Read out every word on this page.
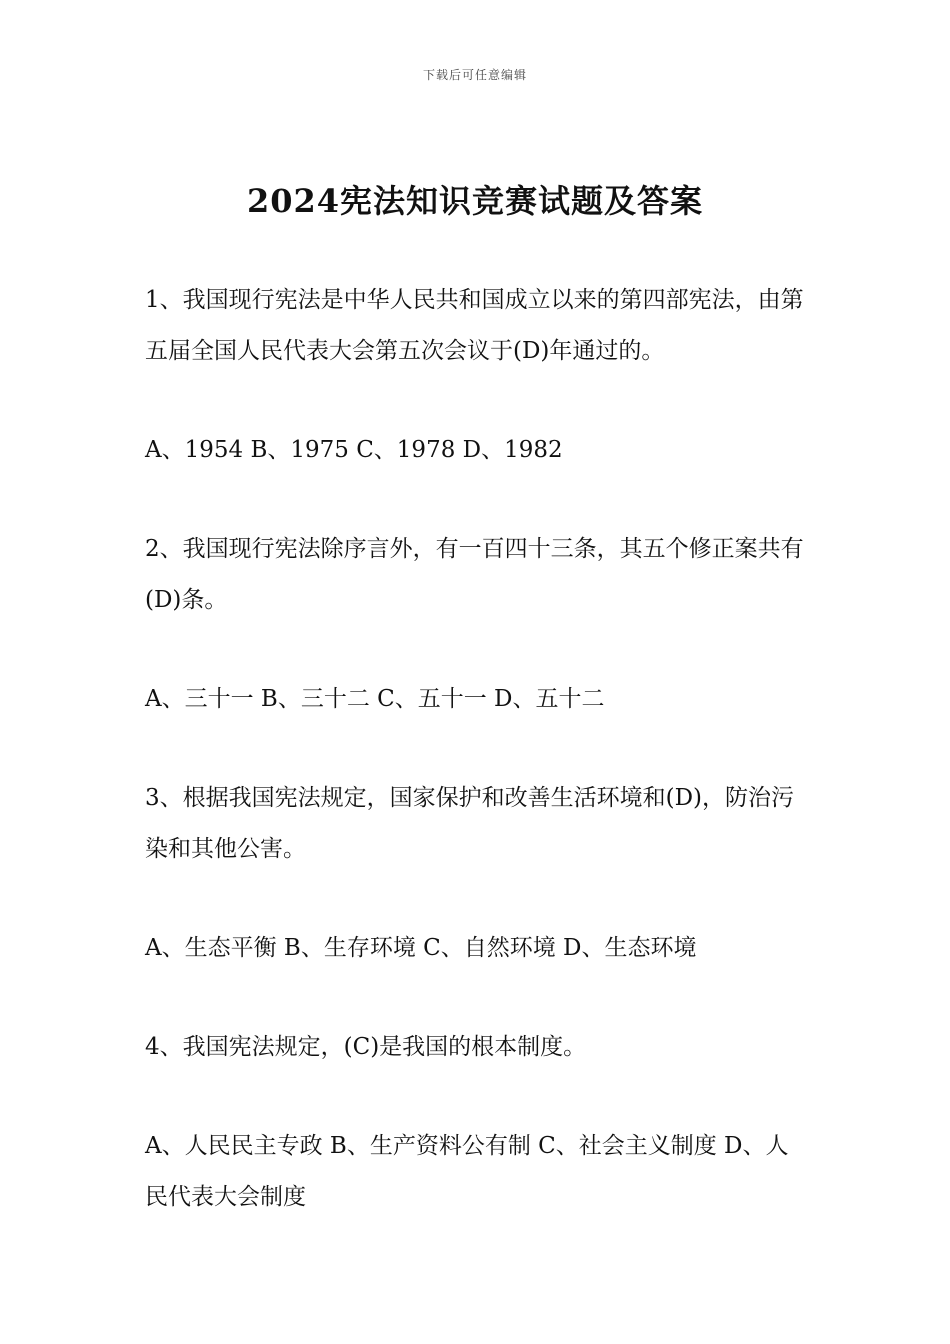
下载后可任意编辑
2024宪法知识竞赛试题及答案

1、我国现行宪法是中华人民共和国成立以来的第四部宪法，由第五届全国人民代表大会第五次会议于(D)年通过的。

A、1954 B、1975 C、1978 D、1982

2、我国现行宪法除序言外，有一百四十三条，其五个修正案共有(D)条。

A、三十一 B、三十二 C、五十一 D、五十二

3、根据我国宪法规定，国家保护和改善生活环境和(D)，防治污染和其他公害。

A、生态平衡 B、生存环境 C、自然环境 D、生态环境

4、我国宪法规定，(C)是我国的根本制度。

A、人民民主专政 B、生产资料公有制 C、社会主义制度 D、人民代表大会制度
